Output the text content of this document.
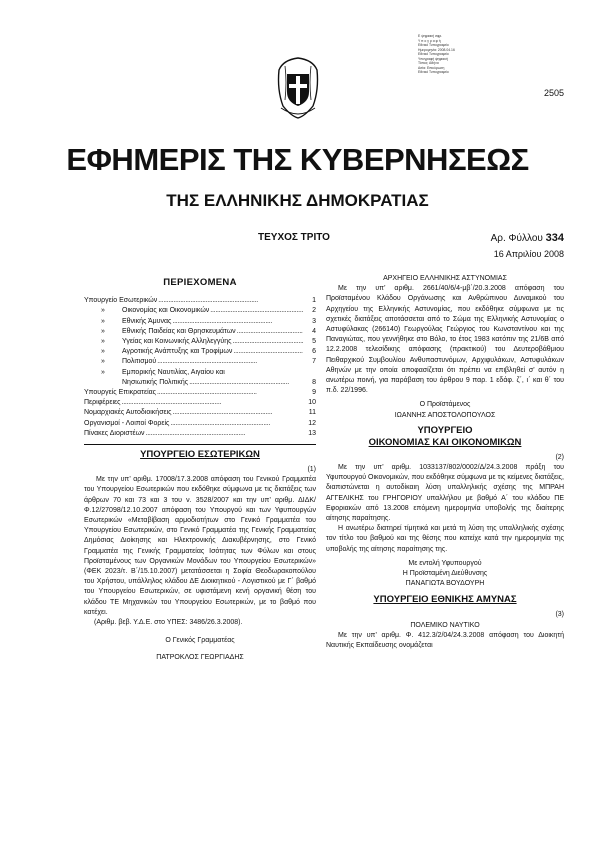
Ε ψηφιακή σφρ.
Υ π ο γ ρ α φ ή
Εθνικό Τυπογραφείο
Ημερομηνία: 2008.04.16
Εθνικό Τυπογραφείο
Υπογραφή ψηφιακή
Τόπος: Αθήνα
Αιτία: Επικύρωση
Εθνικό Τυπογραφείο
2505
ΕΦΗΜΕΡΙΣ ΤΗΣ ΚΥΒΕΡΝΗΣΕΩΣ
ΤΗΣ ΕΛΛΗΝΙΚΗΣ ΔΗΜΟΚΡΑΤΙΑΣ
ΤΕΥΧΟΣ ΤΡΙΤΟ	Αρ. Φύλλου 334
16 Απριλίου 2008
ΠΕΡΙΕΧΟΜΕΝΑ
Υπουργείο Εσωτερικών . . .	1
»	Οικονομίας και Οικονομικών . . .	2
»	Εθνικής Άμυνας . . .	3
»	Εθνικής Παιδείας και Θρησκευμάτων . . .	4
»	Υγείας και Κοινωνικής Αλληλεγγύης . . .	5
»	Αγροτικής Ανάπτυξης και Τροφίμων . . .	6
»	Πολιτισμού . . .	7
»	Εμπορικής Ναυτιλίας, Αιγαίου και
Νησιωτικής Πολιτικής . . .	8
Υπουργείς Επικρατείας . . .	9
Περιφέρειες . . .	10
Νομαρχιακές Αυτοδιοικήσεις . . .	11
Οργανισμοί - Λοιποί Φορείς . . .	12
Πίνακες Διοριστέων . . .	13
ΥΠΟΥΡΓΕΙΟ ΕΣΩΤΕΡΙΚΩΝ
(1)

Με την υπ’ αριθμ. 17008/17.3.2008 απόφαση του Γενικού Γραμματέα του Υπουργείου Εσωτερικών που εκδόθηκε σύμφωνα με τις διατάξεις των άρθρων 70 και 73 και 3 του ν. 3528/2007 και την υπ’ αριθμ. ΔΙΔΚ/Φ.12/27098/12.10.2007 απόφαση του Υπουργού και των Υφυπουργών Εσωτερικών «Μεταβίβαση αρμοδιοτήτων στο Γενικό Γραμματέα του Υπουργείου Εσωτερικών, στο Γενικό Γραμματέα της Γενικής Γραμματείας Δημόσιας Διοίκησης και Ηλεκτρονικής Διακυβέρνησης, στο Γενικό Γραμματέα της Γενικής Γραμματείας Ισότητας των Φύλων και στους Προϊσταμένους των Οργανικών Μονάδων του Υπουργείου Εσωτερικών» (ΦΕΚ 2023/τ. Β΄/15.10.2007) μετατάσσεται η Σοφία Θεοδωρακοπούλου του Χρήστου, υπάλληλος κλάδου ΔΕ Διοικητικού - Λογιστικού με Γ΄ βαθμό του Υπουργείου Εσωτερικών, σε υφιστάμενη κενή οργανική θέση του κλάδου ΤΕ Μηχανικών του Υπουργείου Εσωτερικών, με το βαθμό που κατέχει.

(Αριθμ. βεβ. Υ.Δ.Ε. στο ΥΠΕΣ: 3486/26.3.2008).
Ο Γενικός Γραμματέας
ΠΑΤΡΟΚΛΟΣ ΓΕΩΡΓΙΑΔΗΣ
ΑΡΧΗΓΕΙΟ ΕΛΛΗΝΙΚΗΣ ΑΣΤΥΝΟΜΙΑΣ

Με την υπ’ αριθμ. 2661/40/6/4-μβ΄/20.3.2008 απόφαση του Προϊσταμένου Κλάδου Οργάνωσης και Ανθρώπινου Δυναμικού του Αρχηγείου της Ελληνικής Αστυνομίας, που εκδόθηκε σύμφωνα με τις σχετικές διατάξεις αποτάσσεται από το Σώμα της Ελληνικής Αστυνομίας ο Αστυφύλακας (266140) Γεωργούλας Γεώργιος του Κωνσταντίνου και της Παναγιώτας, που γεννήθηκε στο Βόλο, το έτος 1983 κατόπιν της 21/6Β από 12.2.2008 τελεσίδικης απόφασης (πρακτικού) του Δευτεροβάθμιου Πειθαρχικού Συμβουλίου Ανθυπαστυνόμων, Αρχιφυλάκων, Αστυφυλάκων Αθηνών με την οποία αποφασίζεται ότι πρέπει να επιβληθεί σ’ αυτόν η ανωτέρω ποινή, για παράβαση του άρθρου 9 παρ. 1 εδάφ. ζ΄, ι΄ και θ΄ του π.δ. 22/1996.

Ο Προϊστάμενος
ΙΩΑΝΝΗΣ ΑΠΟΣΤΟΛΟΠΟΥΛΟΣ
ΥΠΟΥΡΓΕΙΟ
ΟΙΚΟΝΟΜΙΑΣ ΚΑΙ ΟΙΚΟΝΟΜΙΚΩΝ
(2)

Με την υπ’ αριθμ. 1033137/802/0002/Δ/24.3.2008 πράξη του Υφυπουργού Οικονομικών, που εκδόθηκε σύμφωνα με τις κείμενες διατάξεις, διαπιστώνεται η αυτοδίκαιη λύση υπαλληλικής σχέσης της ΜΠΡΑΗ ΑΓΓΕΛΙΚΗΣ του ΓΡΗΓΟΡΙΟΥ υπαλλήλου με βαθμό Α΄ του κλάδου ΠΕ Εφοριακών από 13.2008 επόμενη ημερομηνία υποβολής της διαίτερης αίτησης παραίτησης.

Η ανωτέρω διατηρεί τίμητικά και μετά τη λύση της υπαλληλικής σχέσης τον τίτλο του βαθμού και της θέσης που κατείχε κατά την ημερομηνία της υποβολής της αίτησης παραίτησης της.

Με εντολή Υφυπουργού
Η Προϊσταμένη Διεύθυνσης
ΠΑΝΑΓΙΩΤΑ ΒΟΥΔΟΥΡΗ
ΥΠΟΥΡΓΕΙΟ ΕΘΝΙΚΗΣ ΑΜΥΝΑΣ
(3)
ΠΟΛΕΜΙΚΟ ΝΑΥΤΙΚΟ

Με την υπ’ αριθμ. Φ. 412.3/2/04/24.3.2008 απόφαση του Διοικητή Ναυτικής Εκπαίδευσης ονομάζεται
